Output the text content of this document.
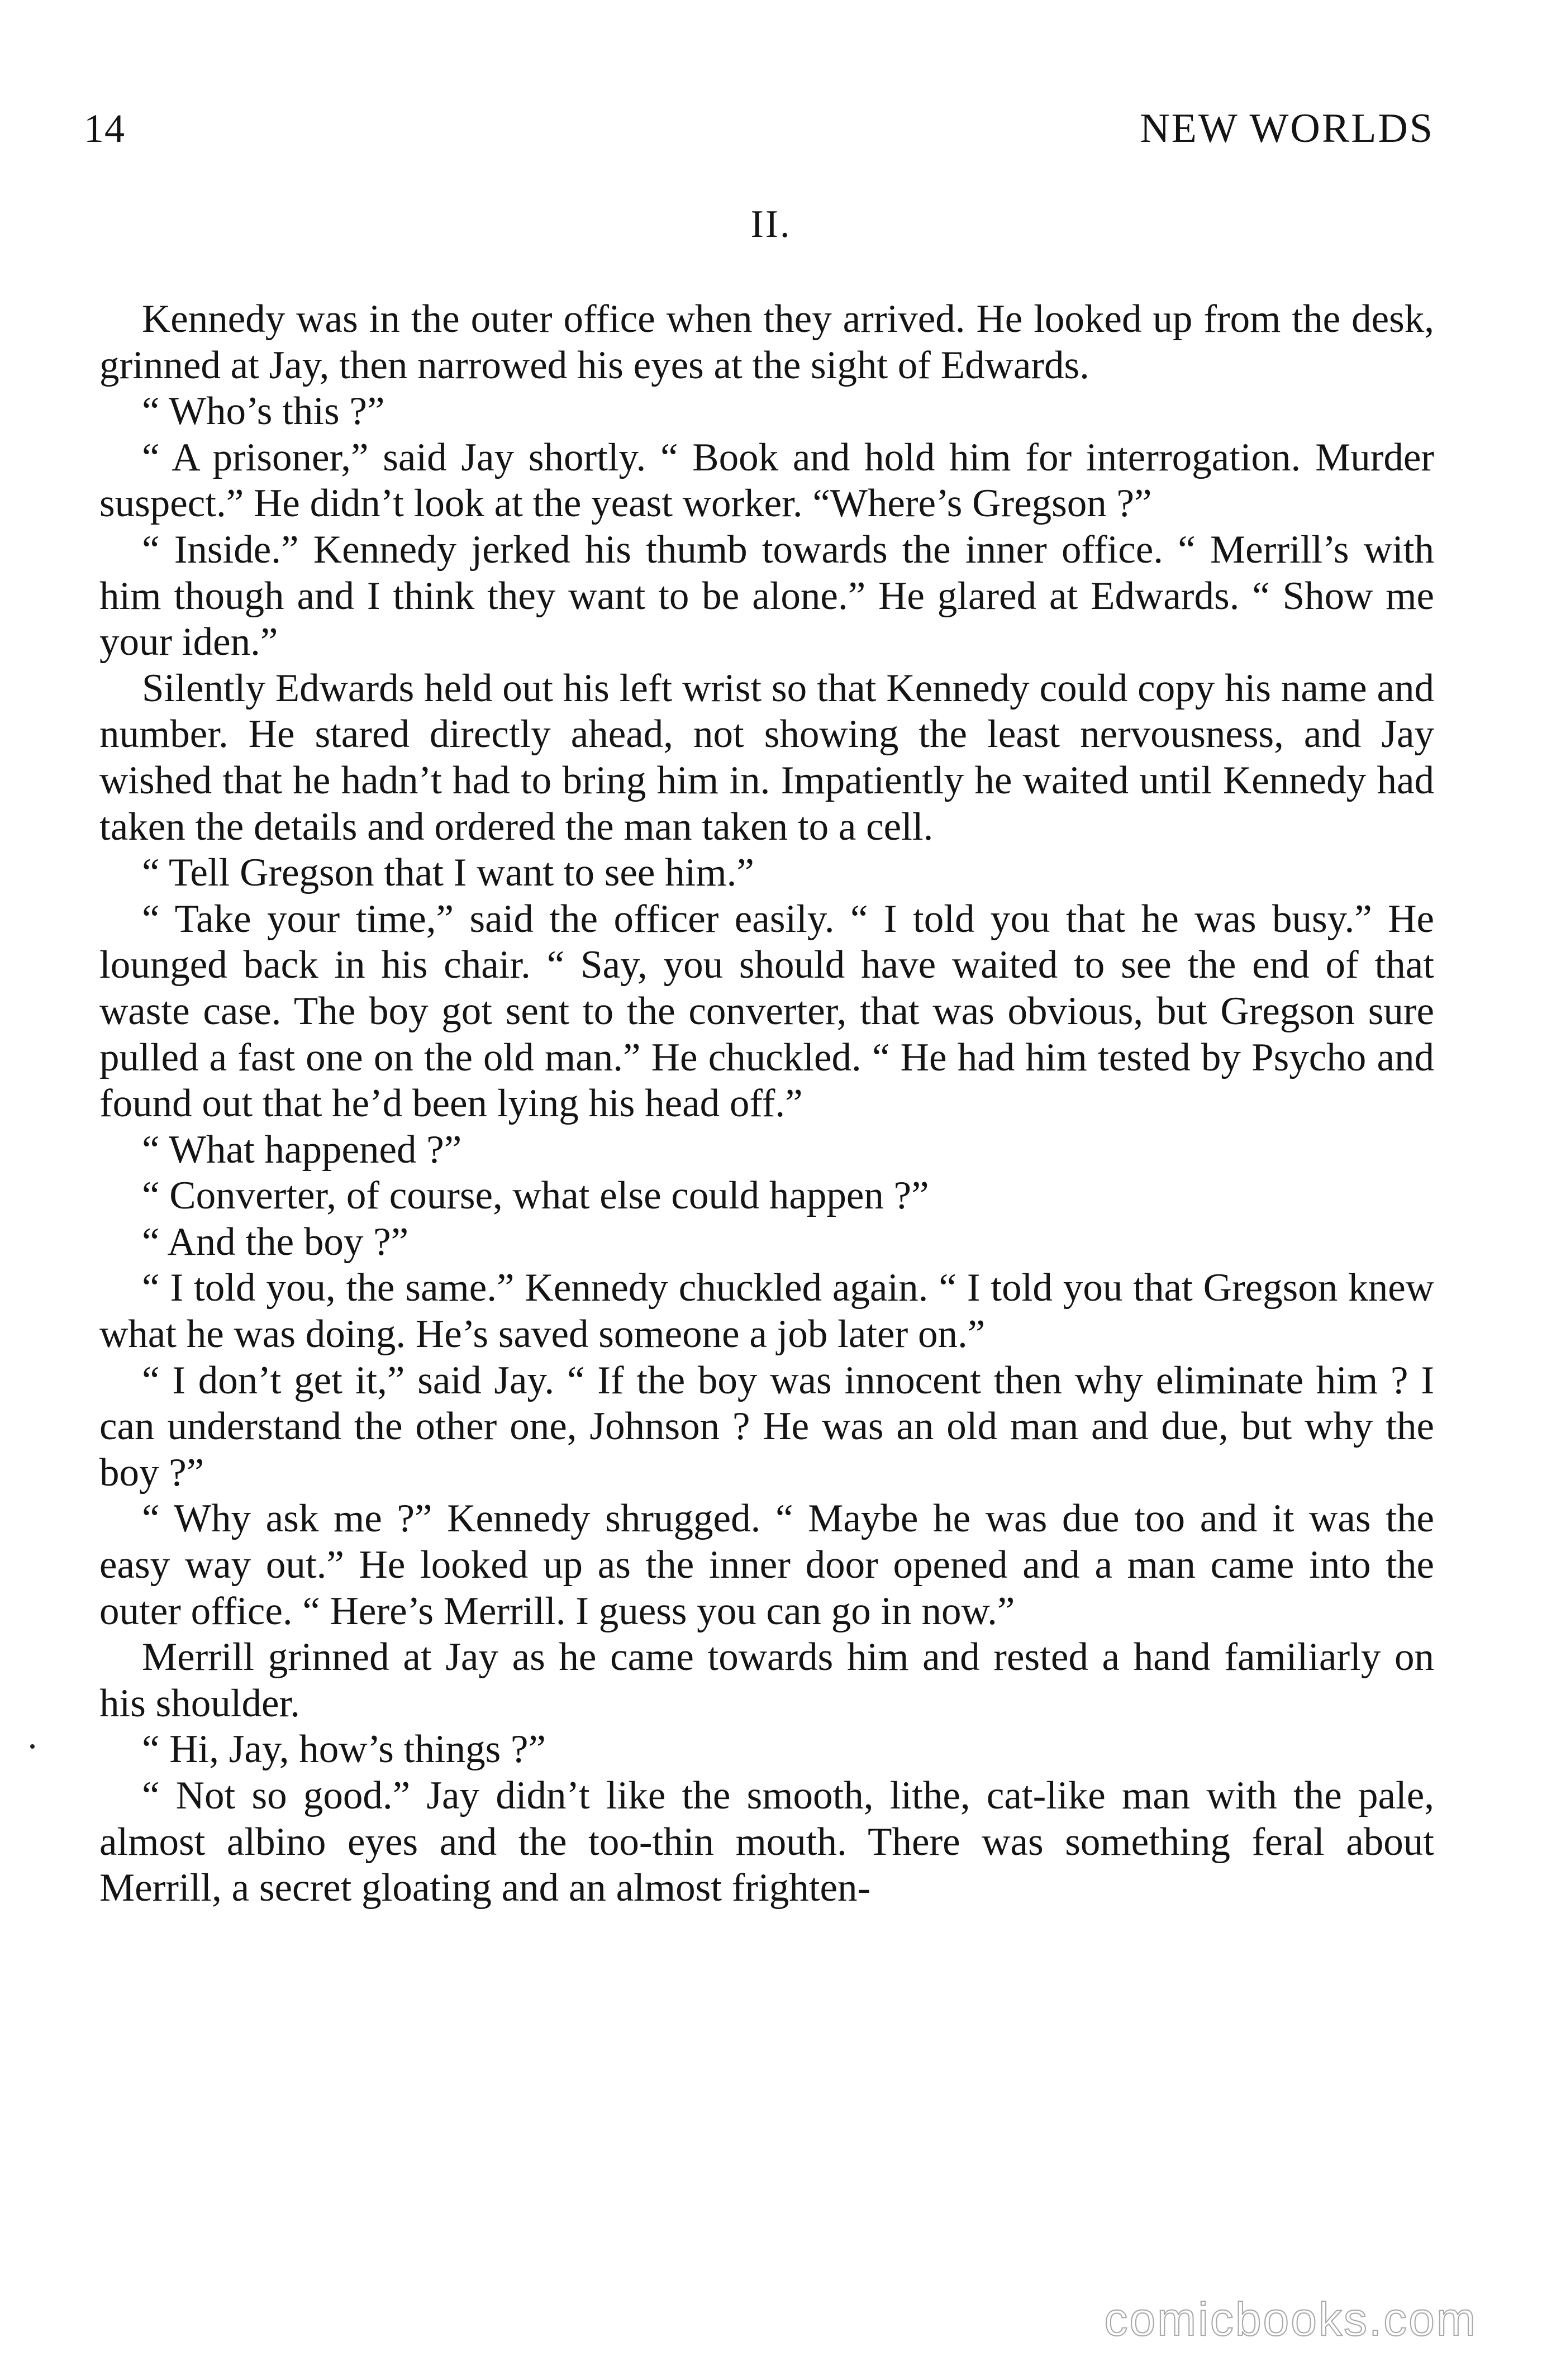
14	NEW WORLDS
II.

Kennedy was in the outer office when they arrived. He looked up from the desk, grinned at Jay, then narrowed his eyes at the sight of Edwards.

“ Who’s this ?”

“ A prisoner,” said Jay shortly. “ Book and hold him for interrogation. Murder suspect.” He didn’t look at the yeast worker. “Where’s Gregson ?”

“ Inside.” Kennedy jerked his thumb towards the inner office. “ Merrill’s with him though and I think they want to be alone.” He glared at Edwards. “ Show me your iden.”

Silently Edwards held out his left wrist so that Kennedy could copy his name and number. He stared directly ahead, not showing the least nervousness, and Jay wished that he hadn’t had to bring him in. Impatiently he waited until Kennedy had taken the details and ordered the man taken to a cell.

“ Tell Gregson that I want to see him.”

“ Take your time,” said the officer easily. “ I told you that he was busy.” He lounged back in his chair. “ Say, you should have waited to see the end of that waste case. The boy got sent to the converter, that was obvious, but Gregson sure pulled a fast one on the old man.” He chuckled. “ He had him tested by Psycho and found out that he’d been lying his head off.”

“ What happened ?”

“ Converter, of course, what else could happen ?”

“ And the boy ?”

“ I told you, the same.” Kennedy chuckled again. “ I told you that Gregson knew what he was doing. He’s saved someone a job later on.”

“ I don’t get it,” said Jay. “ If the boy was innocent then why eliminate him ? I can understand the other one, Johnson ? He was an old man and due, but why the boy ?”

“ Why ask me ?” Kennedy shrugged. “ Maybe he was due too and it was the easy way out.” He looked up as the inner door opened and a man came into the outer office. “ Here’s Merrill. I guess you can go in now.”

Merrill grinned at Jay as he came towards him and rested a hand familiarly on his shoulder.

“ Hi, Jay, how’s things ?”

“ Not so good.” Jay didn’t like the smooth, lithe, cat-like man with the pale, almost albino eyes and the too-thin mouth. There was something feral about Merrill, a secret gloating and an almost frighten-

comicbooks.com
